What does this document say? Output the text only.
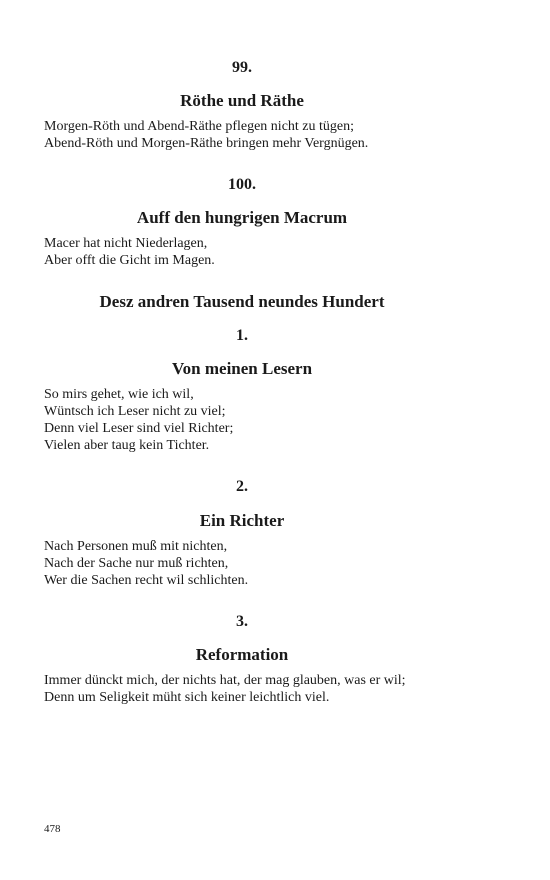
99.
Röthe und Räthe
Morgen-Röth und Abend-Räthe pflegen nicht zu tügen;
Abend-Röth und Morgen-Räthe bringen mehr Vergnügen.
100.
Auff den hungrigen Macrum
Macer hat nicht Niederlagen,
Aber offt die Gicht im Magen.
Desz andren Tausend neundes Hundert
1.
Von meinen Lesern
So mirs gehet, wie ich wil,
Wüntsch ich Leser nicht zu viel;
Denn viel Leser sind viel Richter;
Vielen aber taug kein Tichter.
2.
Ein Richter
Nach Personen muß mit nichten,
Nach der Sache nur muß richten,
Wer die Sachen recht wil schlichten.
3.
Reformation
Immer dünckt mich, der nichts hat, der mag glauben, was er wil;
Denn um Seligkeit müht sich keiner leichtlich viel.
478
